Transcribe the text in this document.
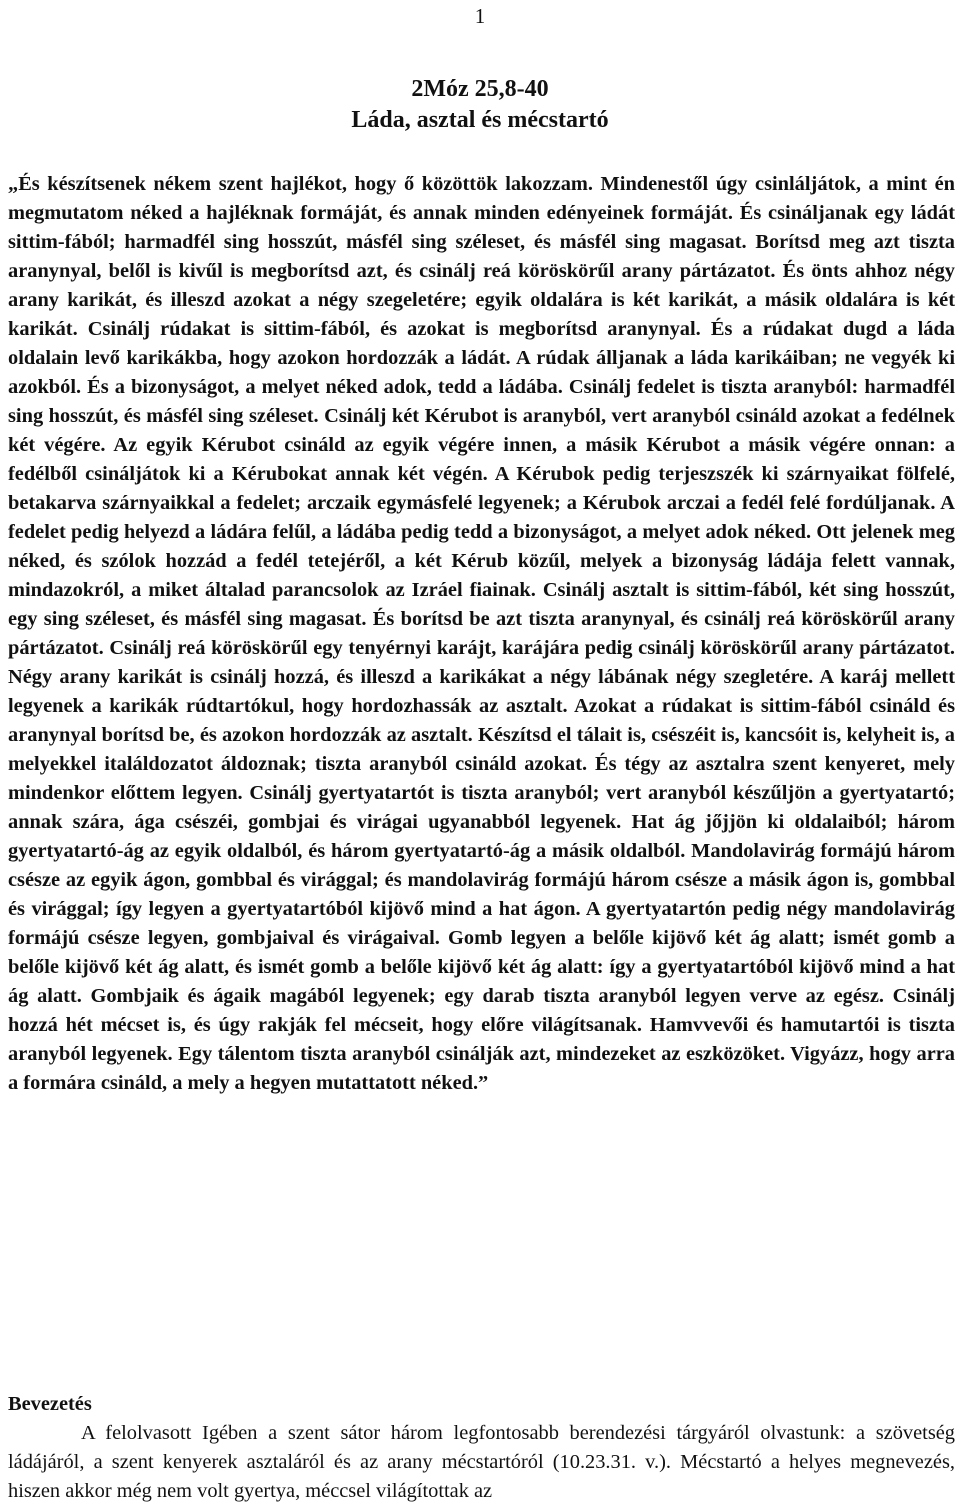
1
2Móz 25,8-40
Láda, asztal és mécstartó

„És készítsenek nékem szent hajlékot, hogy ő közöttök lakozzam. Mindenestől úgy csinláljátok, a mint én megmutatom néked a hajléknak formáját, és annak minden edényeinek formáját. És csináljanak egy ládát sittim-fából; harmadfél sing hosszút, másfél sing széleset, és másfél sing magasat. Borítsd meg azt tiszta aranynyal, belől is kivűl is megborítsd azt, és csinálj reá köröskörűl arany pártázatot. És önts ahhoz négy arany karikát, és illeszd azokat a négy szegeletére; egyik oldalára is két karikát, a másik oldalára is két karikát. Csinálj rúdakat is sittim-fából, és azokat is megborítsd aranynyal. És a rúdakat dugd a láda oldalain levő karikákba, hogy azokon hordozzák a ládát. A rúdak álljanak a láda karikáiban; ne vegyék ki azokból. És a bizonyságot, a melyet néked adok, tedd a ládába. Csinálj fedelet is tiszta aranyból: harmadfél sing hosszút, és másfél sing széleset. Csinálj két Kérubot is aranyból, vert aranyból csináld azokat a fedélnek két végére. Az egyik Kérubot csináld az egyik végére innen, a másik Kérubot a másik végére onnan: a fedélből csináljátok ki a Kérubokat annak két végén. A Kérubok pedig terjeszszék ki szárnyaikat fölfelé, betakarva szárnyaikkal a fedelet; arczaik egymásfelé legyenek; a Kérubok arczai a fedél felé fordúljanak. A fedelet pedig helyezd a ládára felűl, a ládába pedig tedd a bizonyságot, a melyet adok néked. Ott jelenek meg néked, és szólok hozzád a fedél tetejéről, a két Kérub közűl, melyek a bizonyság ládája felett vannak, mindazokról, a miket általad parancsolok az Izráel fiainak. Csinálj asztalt is sittim-fából, két sing hosszút, egy sing széleset, és másfél sing magasat. És borítsd be azt tiszta aranynyal, és csinálj reá köröskörűl arany pártázatot. Csinálj reá köröskörűl egy tenyérnyi karájt, karájára pedig csinálj köröskörűl arany pártázatot. Négy arany karikát is csinálj hozzá, és illeszd a karikákat a négy lábának négy szegletére. A karáj mellett legyenek a karikák rúdtartókul, hogy hordozhassák az asztalt. Azokat a rúdakat is sittim-fából csináld és aranynyal borítsd be, és azokon hordozzák az asztalt. Készítsd el tálait is, csészéit is, kancsóit is, kelyheit is, a melyekkel italáldozatot áldoznak; tiszta aranyból csináld azokat. És tégy az asztalra szent kenyeret, mely mindenkor előttem legyen. Csinálj gyertyatartót is tiszta aranyból; vert aranyból készűljön a gyertyatartó; annak szára, ága csészéi, gombjai és virágai ugyanabból legyenek. Hat ág jőjjön ki oldalaiból; három gyertyatartó-ág az egyik oldalból, és három gyertyatartó-ág a másik oldalból. Mandolavirág formájú három csésze az egyik ágon, gombbal és virággal; és mandolavirág formájú három csésze a másik ágon is, gombbal és virággal; így legyen a gyertyatartóból kijövő mind a hat ágon. A gyertyatartón pedig négy mandolavirág formájú csésze legyen, gombjaival és virágaival. Gomb legyen a belőle kijövő két ág alatt; ismét gomb a belőle kijövő két ág alatt, és ismét gomb a belőle kijövő két ág alatt: így a gyertyatartóból kijövő mind a hat ág alatt. Gombjaik és ágaik magából legyenek; egy darab tiszta aranyból legyen verve az egész. Csinálj hozzá hét mécset is, és úgy rakják fel mécseit, hogy előre világítsanak. Hamvvevői és hamutartói is tiszta aranyból legyenek. Egy tálentom tiszta aranyból csinálják azt, mindezeket az eszközöket. Vigyázz, hogy arra a formára csináld, a mely a hegyen mutattatott néked.”

Bevezetés

A felolvasott Igében a szent sátor három legfontosabb berendezési tárgyáról olvastunk: a szövetség ládájáról, a szent kenyerek asztaláról és az arany mécstartóról (10.23.31. v.). Mécstartó a helyes megnevezés, hiszen akkor még nem volt gyertya, méccsel világítottak az
